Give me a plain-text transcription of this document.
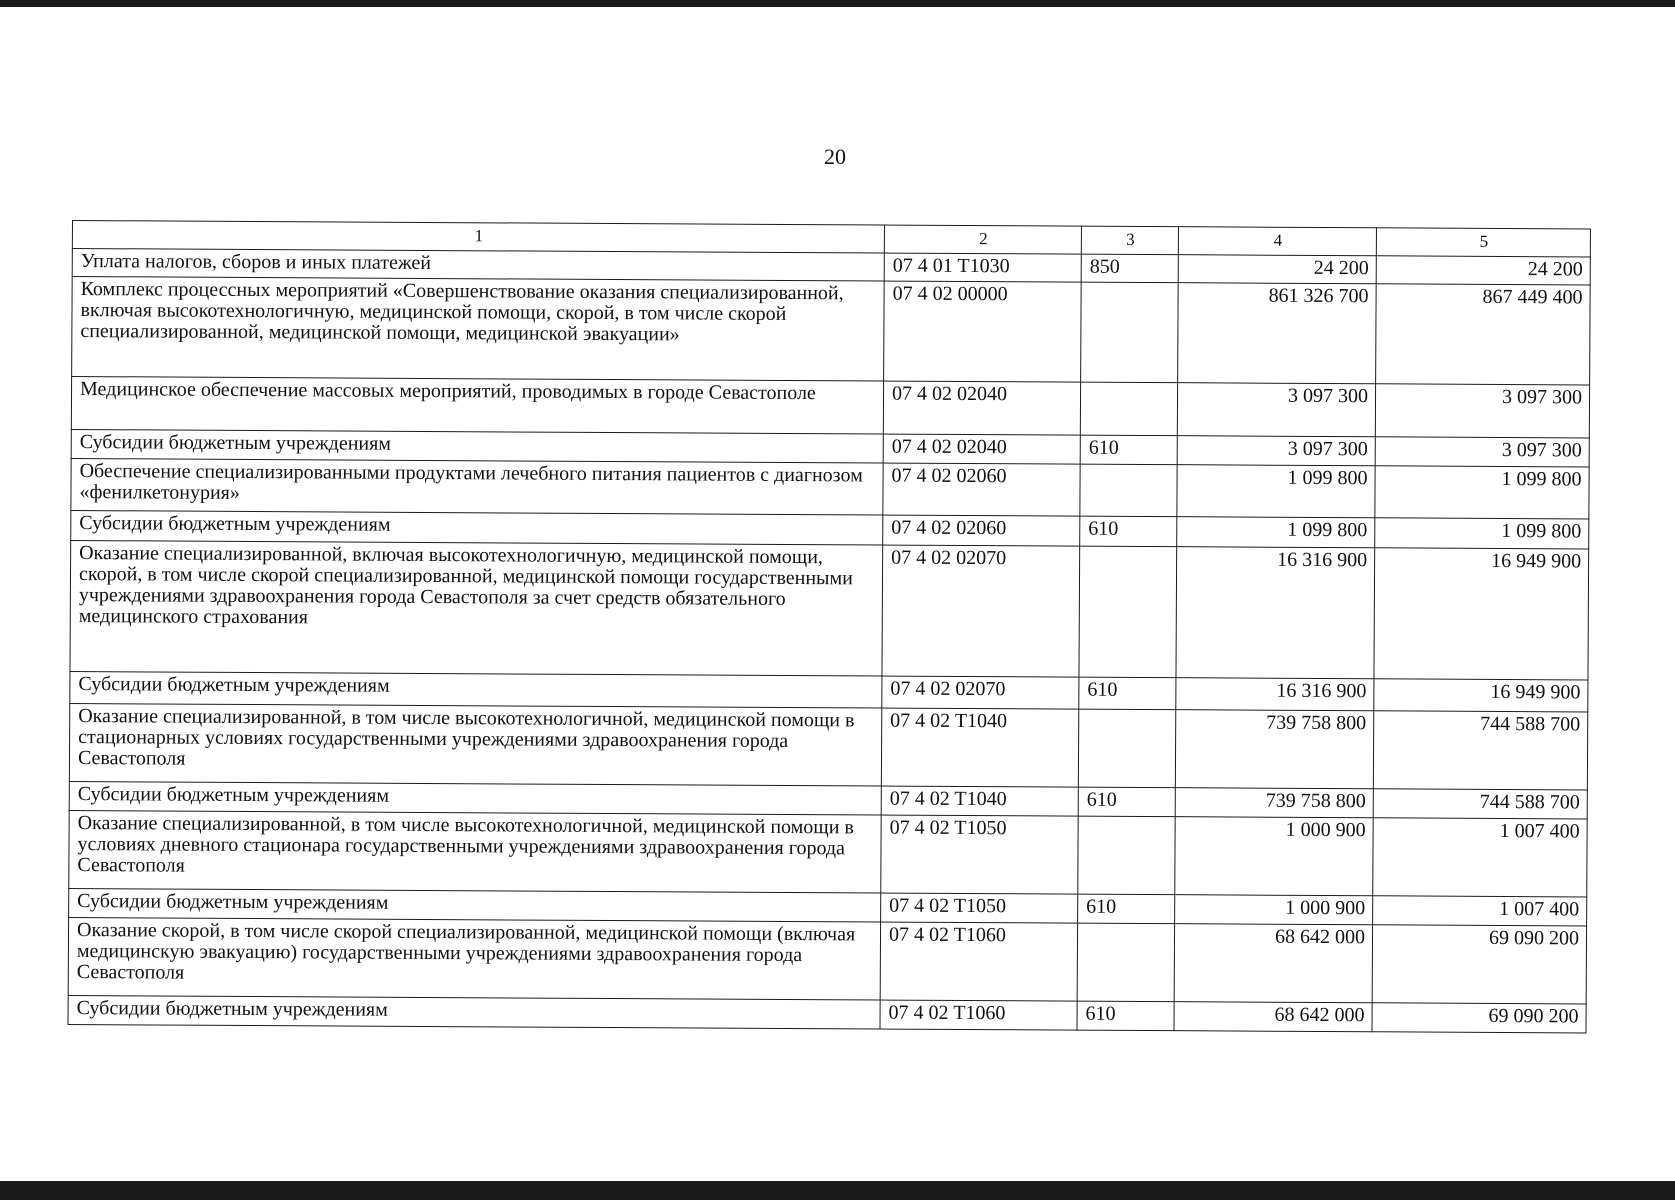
20
1	2	3	4	5
Уплата налогов, сборов и иных платежей	07 4 01 T1030	850	24 200	24 200
Комплекс процессных мероприятий «Совершенствование оказания специализированной, включая высокотехнологичную, медицинской помощи, скорой, в том числе скорой специализированной, медицинской помощи, медицинской эвакуации»	07 4 02 00000		861 326 700	867 449 400
Медицинское обеспечение массовых мероприятий, проводимых в городе Севастополе	07 4 02 02040		3 097 300	3 097 300
Субсидии бюджетным учреждениям	07 4 02 02040	610	3 097 300	3 097 300
Обеспечение специализированными продуктами лечебного питания пациентов с диагнозом «фенилкетонурия»	07 4 02 02060		1 099 800	1 099 800
Субсидии бюджетным учреждениям	07 4 02 02060	610	1 099 800	1 099 800
Оказание специализированной, включая высокотехнологичную, медицинской помощи, скорой, в том числе скорой специализированной, медицинской помощи государственными учреждениями здравоохранения города Севастополя за счет средств обязательного медицинского страхования	07 4 02 02070		16 316 900	16 949 900
Субсидии бюджетным учреждениям	07 4 02 02070	610	16 316 900	16 949 900
Оказание специализированной, в том числе высокотехнологичной, медицинской помощи в стационарных условиях государственными учреждениями здравоохранения города Севастополя	07 4 02 T1040		739 758 800	744 588 700
Субсидии бюджетным учреждениям	07 4 02 T1040	610	739 758 800	744 588 700
Оказание специализированной, в том числе высокотехнологичной, медицинской помощи в условиях дневного стационара государственными учреждениями здравоохранения города Севастополя	07 4 02 T1050		1 000 900	1 007 400
Субсидии бюджетным учреждениям	07 4 02 T1050	610	1 000 900	1 007 400
Оказание скорой, в том числе скорой специализированной, медицинской помощи (включая медицинскую эвакуацию) государственными учреждениями здравоохранения города Севастополя	07 4 02 T1060		68 642 000	69 090 200
Субсидии бюджетным учреждениям	07 4 02 T1060	610	68 642 000	69 090 200
